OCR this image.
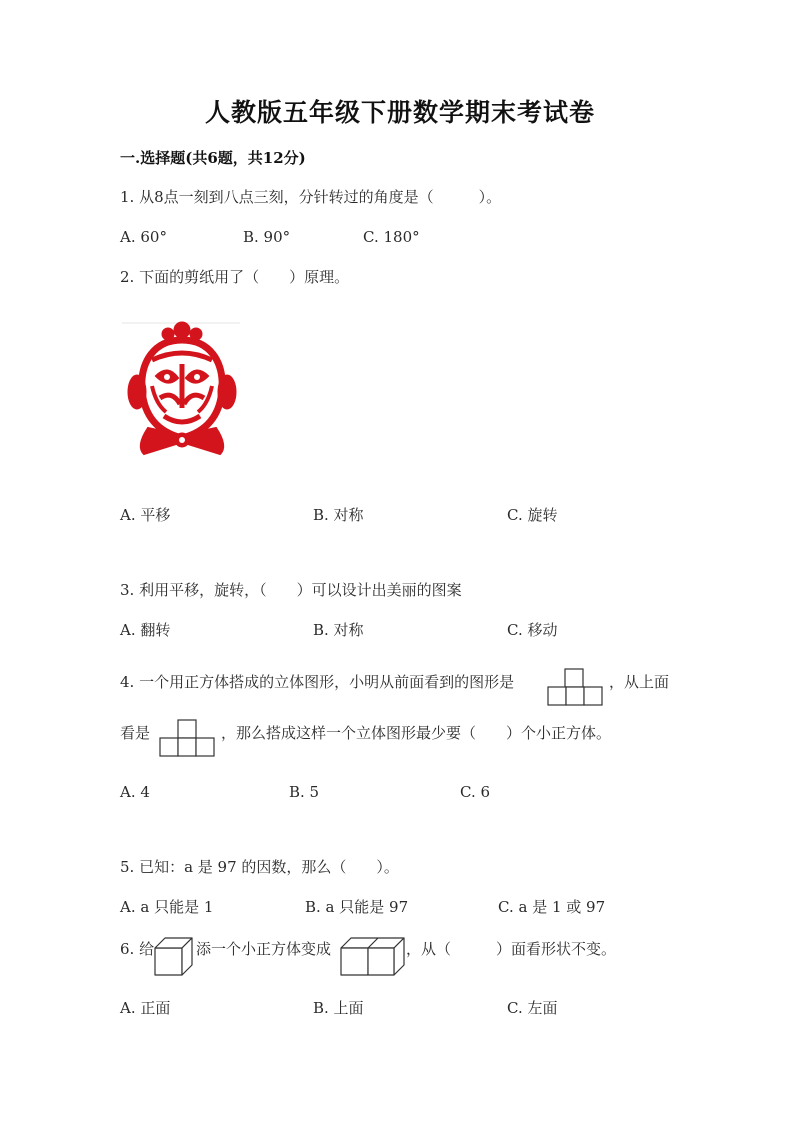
人教版五年级下册数学期末考试卷
一.选择题(共6题，共12分)
1. 从8点一刻到八点三刻，分针转过的角度是（　　　）。
A. 60°	B. 90°	C. 180°
2. 下面的剪纸用了（　　）原理。
A. 平移	B. 对称	C. 旋转
3. 利用平移，旋转，（　　）可以设计出美丽的图案
A. 翻转	B. 对称	C. 移动
4. 一个用正方体搭成的立体图形，小明从前面看到的图形是	，从上面
看是	，那么搭成这样一个立体图形最少要（　　）个小正方体。
A. 4	B. 5	C. 6
5. 已知：a 是 97 的因数，那么（　　）。
A. a 只能是 1	B. a 只能是 97	C. a 是 1 或 97
6. 给	添一个小正方体变成	，从（　　　）面看形状不变。
A. 正面	B. 上面	C. 左面
